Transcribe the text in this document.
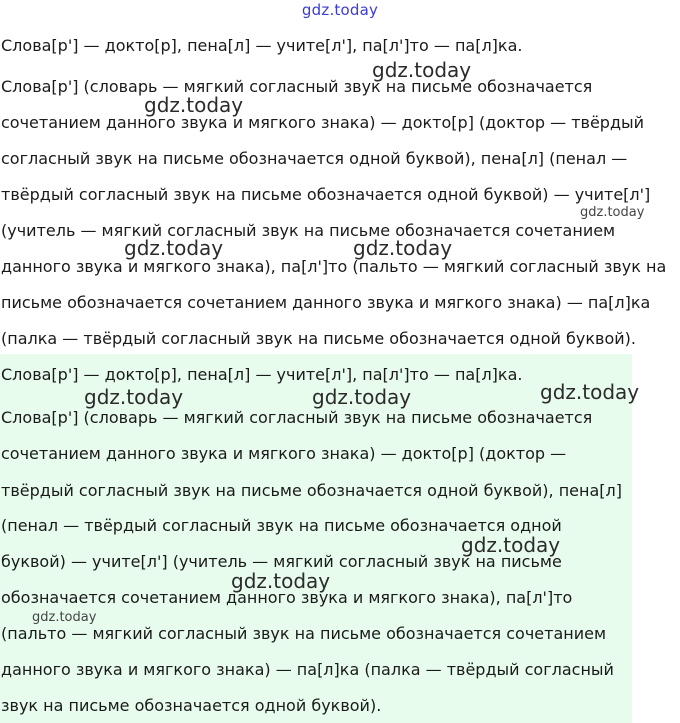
gdz.today
Слова[р'] — докто[р], пена[л] — учите[л'], па[л']то — па[л]ка.
Слова[р'] (словарь — мягкий согласный звук на письме обозначается
сочетанием данного звука и мягкого знака) — докто[р] (доктор — твёрдый
согласный звук на письме обозначается одной буквой), пена[л] (пенал —
твёрдый согласный звук на письме обозначается одной буквой) — учите[л']
(учитель — мягкий согласный звук на письме обозначается сочетанием
данного звука и мягкого знака), па[л']то (пальто — мягкий согласный звук на
письме обозначается сочетанием данного звука и мягкого знака) — па[л]ка
(палка — твёрдый согласный звук на письме обозначается одной буквой).
Слова[р'] — докто[р], пена[л] — учите[л'], па[л']то — па[л]ка.
Слова[р'] (словарь — мягкий согласный звук на письме обозначается
сочетанием данного звука и мягкого знака) — докто[р] (доктор —
твёрдый согласный звук на письме обозначается одной буквой), пена[л]
(пенал — твёрдый согласный звук на письме обозначается одной
буквой) — учите[л'] (учитель — мягкий согласный звук на письме
обозначается сочетанием данного звука и мягкого знака), па[л']то
(пальто — мягкий согласный звук на письме обозначается сочетанием
данного звука и мягкого знака) — па[л]ка (палка — твёрдый согласный
звук на письме обозначается одной буквой).
gdz.today
gdz.today
gdz.today
gdz.today	gdz.today
gdz.today
gdz.today	gdz.today
gdz.today
gdz.today
gdz.today
